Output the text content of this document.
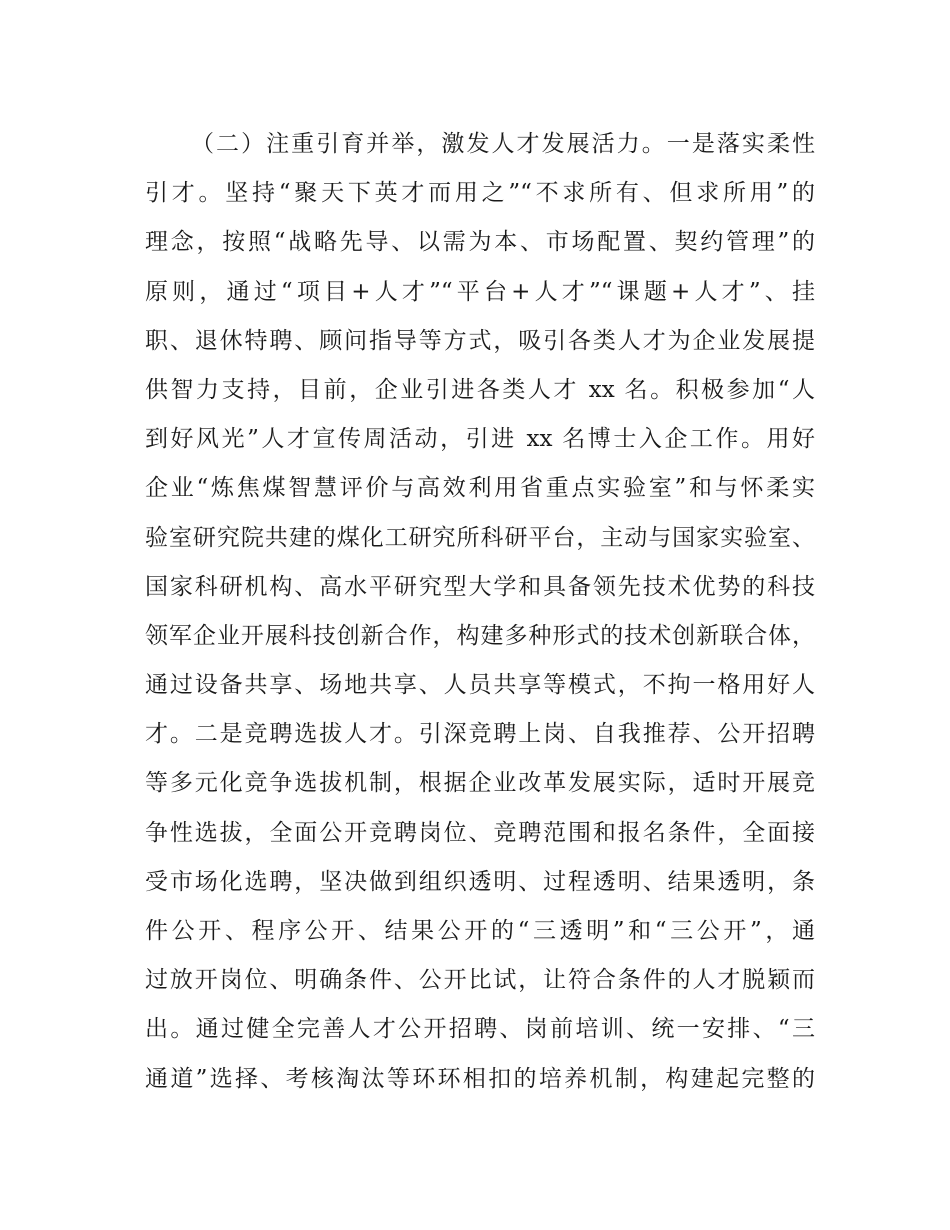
（二）注重引育并举，激发人才发展活力。一是落实柔性
引才。坚持“聚天下英才而用之”“不求所有、但求所用”的
理念，按照“战略先导、以需为本、市场配置、契约管理”的
原则，通过“项目+人才”“平台+人才”“课题+人才”、挂
职、退休特聘、顾问指导等方式，吸引各类人才为企业发展提
供智力支持，目前，企业引进各类人才 xx 名。积极参加“人
到好风光”人才宣传周活动，引进 xx 名博士入企工作。用好
企业“炼焦煤智慧评价与高效利用省重点实验室”和与怀柔实
验室研究院共建的煤化工研究所科研平台，主动与国家实验室、
国家科研机构、高水平研究型大学和具备领先技术优势的科技
领军企业开展科技创新合作，构建多种形式的技术创新联合体，
通过设备共享、场地共享、人员共享等模式，不拘一格用好人
才。二是竞聘选拔人才。引深竞聘上岗、自我推荐、公开招聘
等多元化竞争选拔机制，根据企业改革发展实际，适时开展竞
争性选拔，全面公开竞聘岗位、竞聘范围和报名条件，全面接
受市场化选聘，坚决做到组织透明、过程透明、结果透明，条
件公开、程序公开、结果公开的“三透明”和“三公开”，通
过放开岗位、明确条件、公开比试，让符合条件的人才脱颖而
出。通过健全完善人才公开招聘、岗前培训、统一安排、“三
通道”选择、考核淘汰等环环相扣的培养机制，构建起完整的
